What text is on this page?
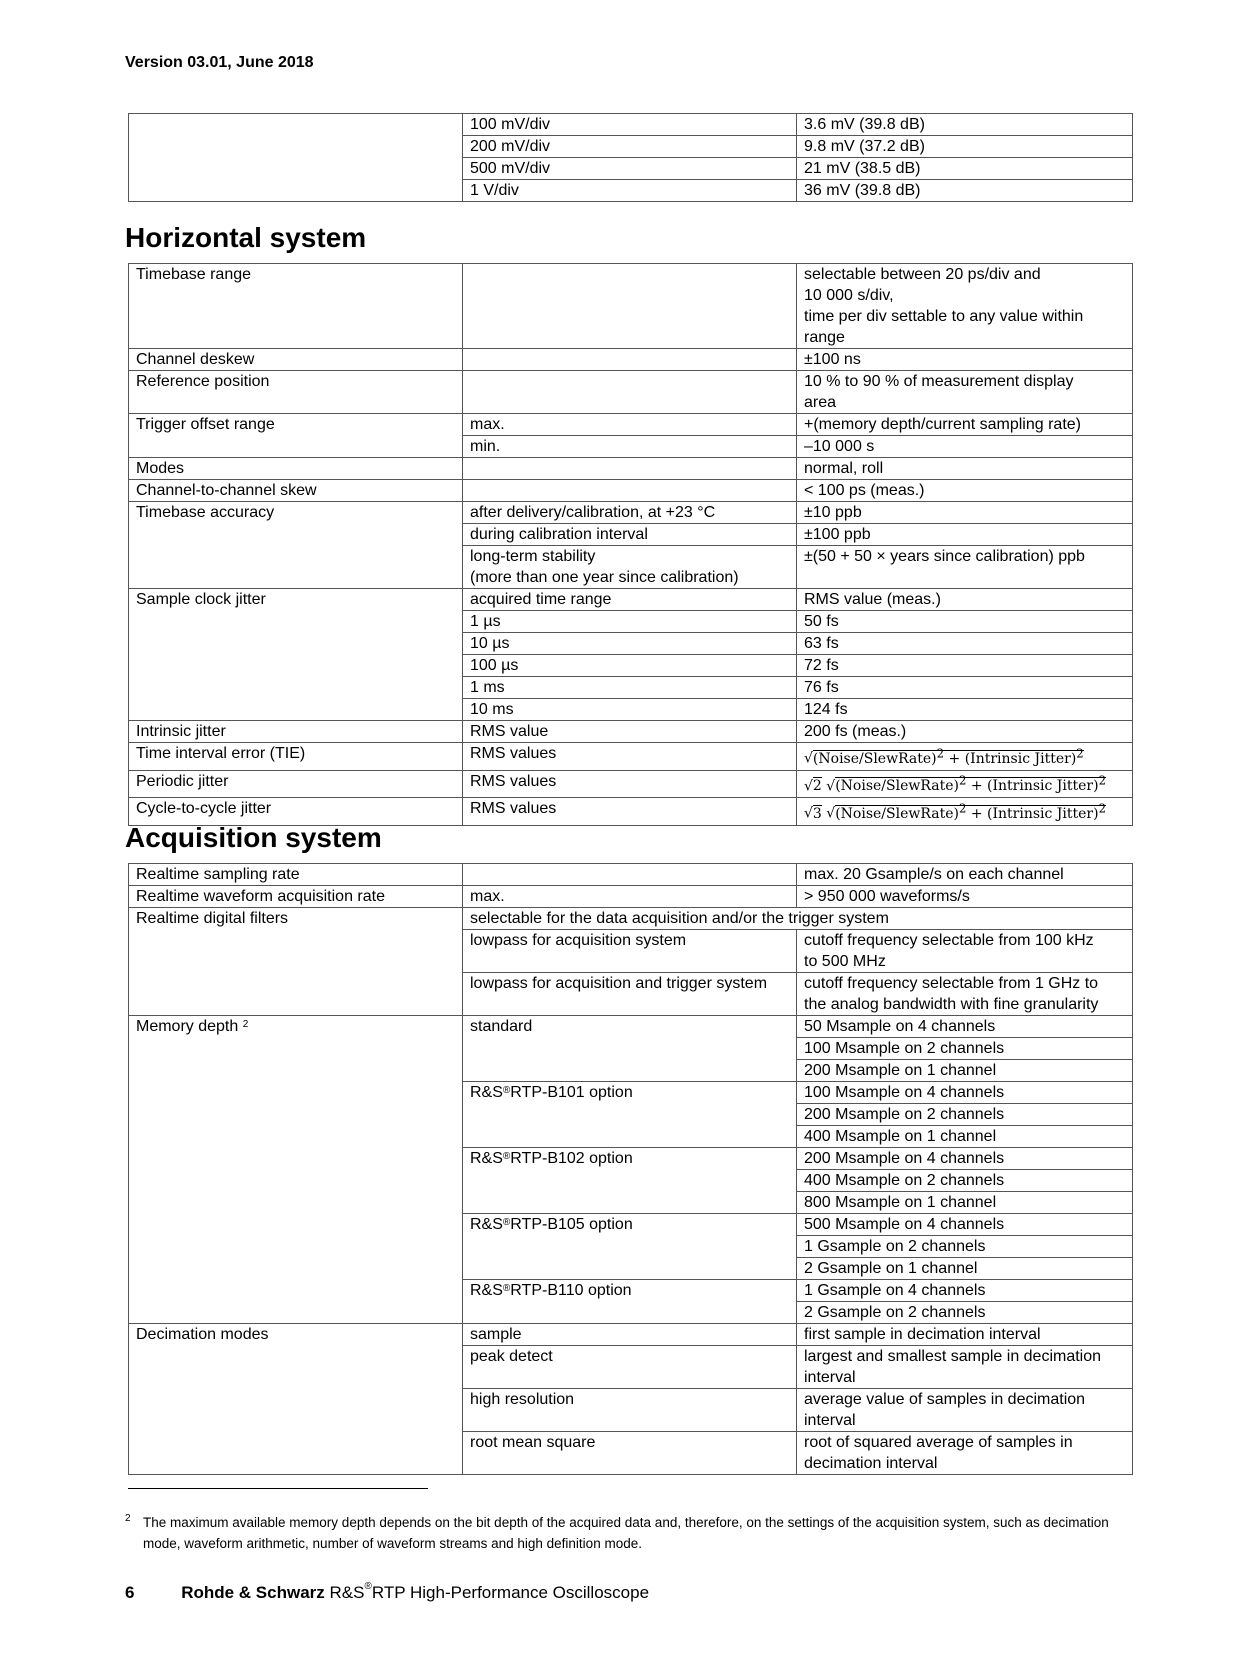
Version 03.01, June 2018
	100 mV/div	3.6 mV (39.8 dB)
	200 mV/div	9.8 mV (37.2 dB)
	500 mV/div	21 mV (38.5 dB)
	1 V/div	36 mV (39.8 dB)
Horizontal system
Timebase range		selectable between 20 ps/div and
10 000 s/div,
time per div settable to any value within
range
Channel deskew		±100 ns
Reference position		10 % to 90 % of measurement display
area
Trigger offset range	max.	+(memory depth/current sampling rate)
	min.	–10 000 s
Modes		normal, roll
Channel-to-channel skew		< 100 ps (meas.)
Timebase accuracy	after delivery/calibration, at +23 °C	±10 ppb
	during calibration interval	±100 ppb
	long-term stability
(more than one year since calibration)	±(50 + 50 × years since calibration) ppb
Sample clock jitter	acquired time range	RMS value (meas.)
	1 µs	50 fs
	10 µs	63 fs
	100 µs	72 fs
	1 ms	76 fs
	10 ms	124 fs
Intrinsic jitter	RMS value	200 fs (meas.)
Time interval error (TIE)	RMS values	√(Noise/SlewRate)$^2$ + (Intrinsic Jitter)$^2$
Periodic jitter	RMS values	√2 √(Noise/SlewRate)$^2$ + (Intrinsic Jitter)$^2$
Cycle-to-cycle jitter	RMS values	√3 √(Noise/SlewRate)$^2$ + (Intrinsic Jitter)$^2$
Acquisition system
Realtime sampling rate		max. 20 Gsample/s on each channel
Realtime waveform acquisition rate	max.	> 950 000 waveforms/s
Realtime digital filters	selectable for the data acquisition and/or the trigger system	
	lowpass for acquisition system	cutoff frequency selectable from 100 kHz
to 500 MHz
	lowpass for acquisition and trigger system	cutoff frequency selectable from 1 GHz to
the analog bandwidth with fine granularity
Memory depth $^2$	standard	50 Msample on 4 channels
		100 Msample on 2 channels
		200 Msample on 1 channel
	R&S®RTP-B101 option	100 Msample on 4 channels
		200 Msample on 2 channels
		400 Msample on 1 channel
	R&S®RTP-B102 option	200 Msample on 4 channels
		400 Msample on 2 channels
		800 Msample on 1 channel
	R&S®RTP-B105 option	500 Msample on 4 channels
		1 Gsample on 2 channels
		2 Gsample on 1 channel
	R&S®RTP-B110 option	1 Gsample on 4 channels
		2 Gsample on 2 channels
Decimation modes	sample	first sample in decimation interval
	peak detect	largest and smallest sample in decimation
interval
	high resolution	average value of samples in decimation
interval
	root mean square	root of squared average of samples in
decimation interval
2 The maximum available memory depth depends on the bit depth of the acquired data and, therefore, on the settings of the acquisition system, such as decimation mode, waveform arithmetic, number of waveform streams and high definition mode.
6	Rohde & Schwarz R&S®RTP High-Performance Oscilloscope
